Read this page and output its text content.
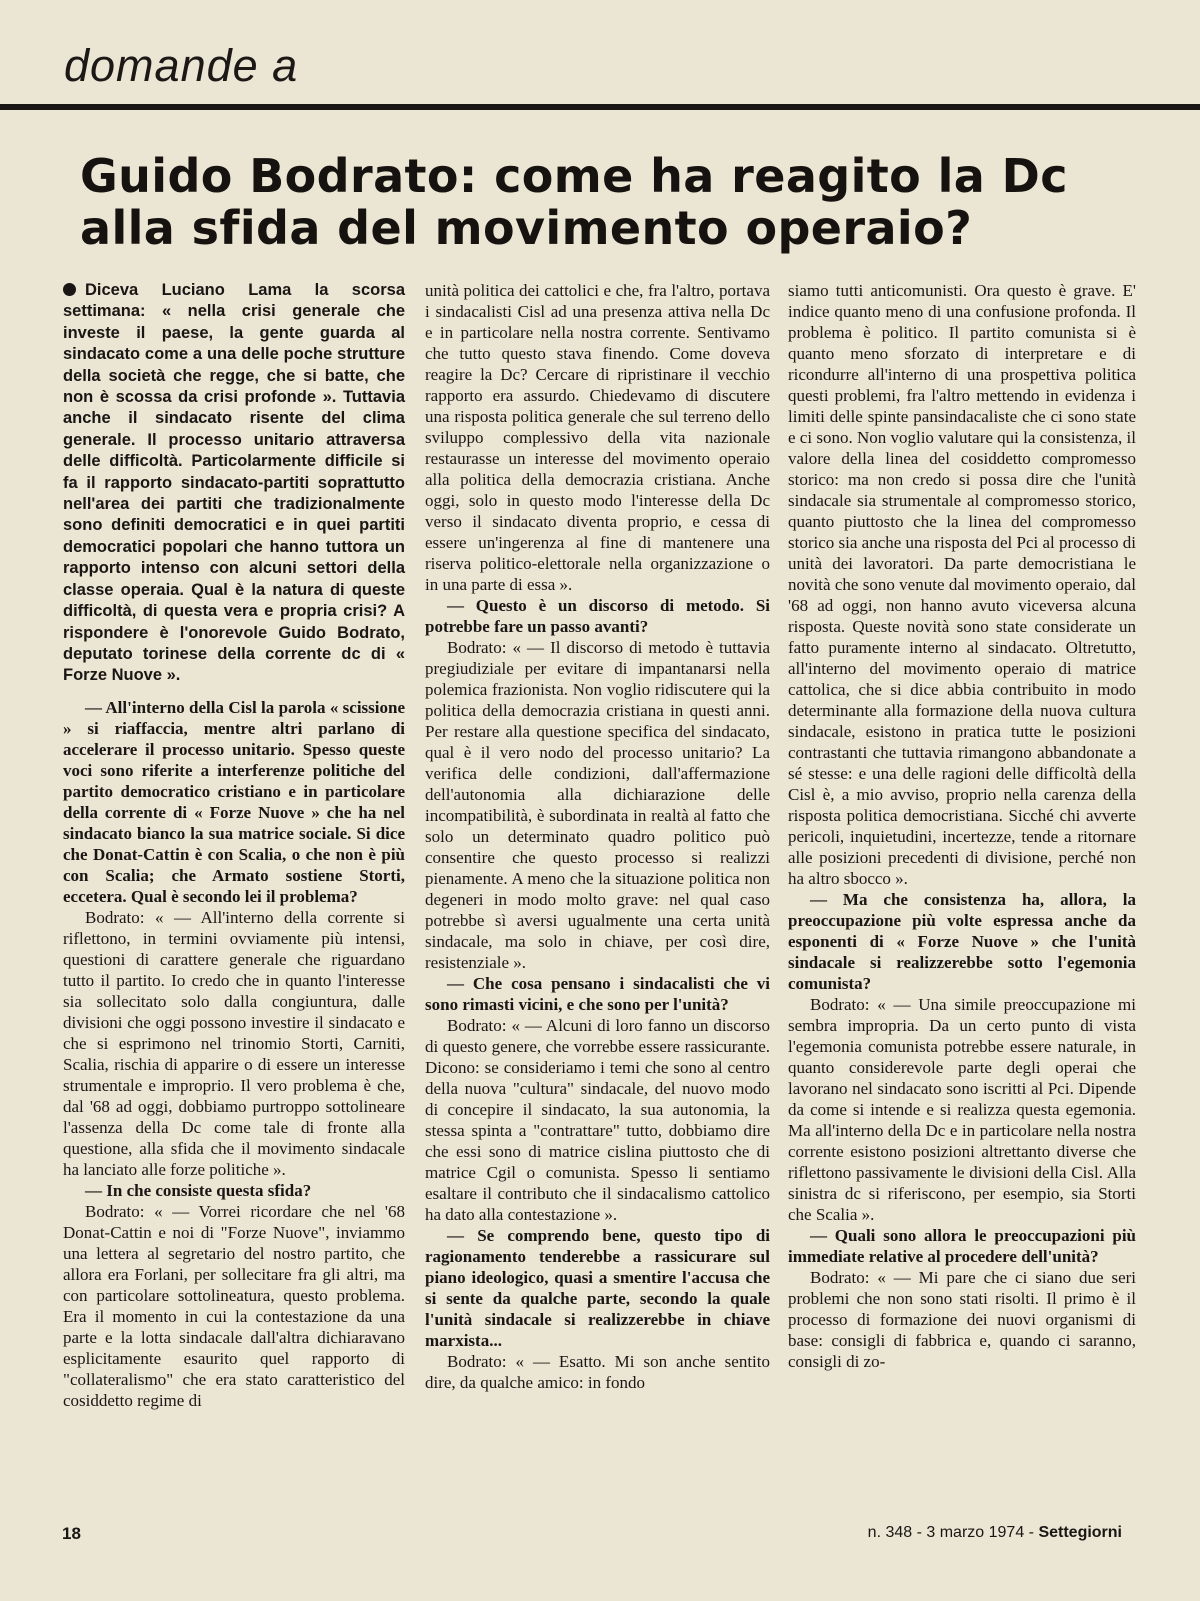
domande a
Guido Bodrato: come ha reagito la Dc alla sfida del movimento operaio?
Diceva Luciano Lama la scorsa settimana: « nella crisi generale che investe il paese, la gente guarda al sindacato come a una delle poche strutture della società che regge, che si batte, che non è scossa da crisi profonde ». Tuttavia anche il sindacato risente del clima generale. Il processo unitario attraversa delle difficoltà. Particolarmente difficile si fa il rapporto sindacato-partiti soprattutto nell'area dei partiti che tradizionalmente sono definiti democratici e in quei partiti democratici popolari che hanno tuttora un rapporto intenso con alcuni settori della classe operaia. Qual è la natura di queste difficoltà, di questa vera e propria crisi? A rispondere è l'onorevole Guido Bodrato, deputato torinese della corrente dc di « Forze Nuove ».

— All'interno della Cisl la parola « scissione » si riaffaccia, mentre altri parlano di accelerare il processo unitario. Spesso queste voci sono riferite a interferenze politiche del partito democratico cristiano e in particolare della corrente di « Forze Nuove » che ha nel sindacato bianco la sua matrice sociale. Si dice che Donat-Cattin è con Scalia, o che non è più con Scalia; che Armato sostiene Storti, eccetera. Qual è secondo lei il problema?

Bodrato: « — All'interno della corrente si riflettono, in termini ovviamente più intensi, questioni di carattere generale che riguardano tutto il partito. Io credo che in quanto l'interesse sia sollecitato solo dalla congiuntura, dalle divisioni che oggi possono investire il sindacato e che si esprimono nel trinomio Storti, Carniti, Scalia, rischia di apparire o di essere un interesse strumentale e improprio. Il vero problema è che, dal '68 ad oggi, dobbiamo purtroppo sottolineare l'assenza della Dc come tale di fronte alla questione, alla sfida che il movimento sindacale ha lanciato alle forze politiche ».

— In che consiste questa sfida?

Bodrato: « — Vorrei ricordare che nel '68 Donat-Cattin e noi di "Forze Nuove", inviammo una lettera al segretario del nostro partito, che allora era Forlani, per sollecitare fra gli altri, ma con particolare sottolineatura, questo problema. Era il momento in cui la contestazione da una parte e la lotta sindacale dall'altra dichiaravano esplicitamente esaurito quel rapporto di "collateralismo" che era stato caratteristico del cosiddetto regime di

unità politica dei cattolici e che, fra l'altro, portava i sindacalisti Cisl ad una presenza attiva nella Dc e in particolare nella nostra corrente. Sentivamo che tutto questo stava finendo. Come doveva reagire la Dc? Cercare di ripristinare il vecchio rapporto era assurdo. Chiedevamo di discutere una risposta politica generale che sul terreno dello sviluppo complessivo della vita nazionale restaurasse un interesse del movimento operaio alla politica della democrazia cristiana. Anche oggi, solo in questo modo l'interesse della Dc verso il sindacato diventa proprio, e cessa di essere un'ingerenza al fine di mantenere una riserva politico-elettorale nella organizzazione o in una parte di essa ».

— Questo è un discorso di metodo. Si potrebbe fare un passo avanti?

Bodrato: « — Il discorso di metodo è tuttavia pregiudiziale per evitare di impantanarsi nella polemica frazionista. Non voglio ridiscutere qui la politica della democrazia cristiana in questi anni. Per restare alla questione specifica del sindacato, qual è il vero nodo del processo unitario? La verifica delle condizioni, dall'affermazione dell'autonomia alla dichiarazione delle incompatibilità, è subordinata in realtà al fatto che solo un determinato quadro politico può consentire che questo processo si realizzi pienamente. A meno che la situazione politica non degeneri in modo molto grave: nel qual caso potrebbe sì aversi ugualmente una certa unità sindacale, ma solo in chiave, per così dire, resistenziale ».

— Che cosa pensano i sindacalisti che vi sono rimasti vicini, e che sono per l'unità?

Bodrato: « — Alcuni di loro fanno un discorso di questo genere, che vorrebbe essere rassicurante. Dicono: se consideriamo i temi che sono al centro della nuova "cultura" sindacale, del nuovo modo di concepire il sindacato, la sua autonomia, la stessa spinta a "contrattare" tutto, dobbiamo dire che essi sono di matrice cislina piuttosto che di matrice Cgil o comunista. Spesso li sentiamo esaltare il contributo che il sindacalismo cattolico ha dato alla contestazione ».

— Se comprendo bene, questo tipo di ragionamento tenderebbe a rassicurare sul piano ideologico, quasi a smentire l'accusa che si sente da qualche parte, secondo la quale l'unità sindacale si realizzerebbe in chiave marxista...

Bodrato: « — Esatto. Mi son anche sentito dire, da qualche amico: in fondo

siamo tutti anticomunisti. Ora questo è grave. E' indice quanto meno di una confusione profonda. Il problema è politico. Il partito comunista si è quanto meno sforzato di interpretare e di ricondurre all'interno di una prospettiva politica questi problemi, fra l'altro mettendo in evidenza i limiti delle spinte pansindacaliste che ci sono state e ci sono. Non voglio valutare qui la consistenza, il valore della linea del cosiddetto compromesso storico: ma non credo si possa dire che l'unità sindacale sia strumentale al compromesso storico, quanto piuttosto che la linea del compromesso storico sia anche una risposta del Pci al processo di unità dei lavoratori. Da parte democristiana le novità che sono venute dal movimento operaio, dal '68 ad oggi, non hanno avuto viceversa alcuna risposta. Queste novità sono state considerate un fatto puramente interno al sindacato. Oltretutto, all'interno del movimento operaio di matrice cattolica, che si dice abbia contribuito in modo determinante alla formazione della nuova cultura sindacale, esistono in pratica tutte le posizioni contrastanti che tuttavia rimangono abbandonate a sé stesse: e una delle ragioni delle difficoltà della Cisl è, a mio avviso, proprio nella carenza della risposta politica democristiana. Sicché chi avverte pericoli, inquietudini, incertezze, tende a ritornare alle posizioni precedenti di divisione, perché non ha altro sbocco ».

— Ma che consistenza ha, allora, la preoccupazione più volte espressa anche da esponenti di « Forze Nuove » che l'unità sindacale si realizzerebbe sotto l'egemonia comunista?

Bodrato: « — Una simile preoccupazione mi sembra impropria. Da un certo punto di vista l'egemonia comunista potrebbe essere naturale, in quanto considerevole parte degli operai che lavorano nel sindacato sono iscritti al Pci. Dipende da come si intende e si realizza questa egemonia. Ma all'interno della Dc e in particolare nella nostra corrente esistono posizioni altrettanto diverse che riflettono passivamente le divisioni della Cisl. Alla sinistra dc si riferiscono, per esempio, sia Storti che Scalia ».

— Quali sono allora le preoccupazioni più immediate relative al procedere dell'unità?

Bodrato: « — Mi pare che ci siano due seri problemi che non sono stati risolti. Il primo è il processo di formazione dei nuovi organismi di base: consigli di fabbrica e, quando ci saranno, consigli di zo-

18	n. 348 - 3 marzo 1974 - Settegiorni
